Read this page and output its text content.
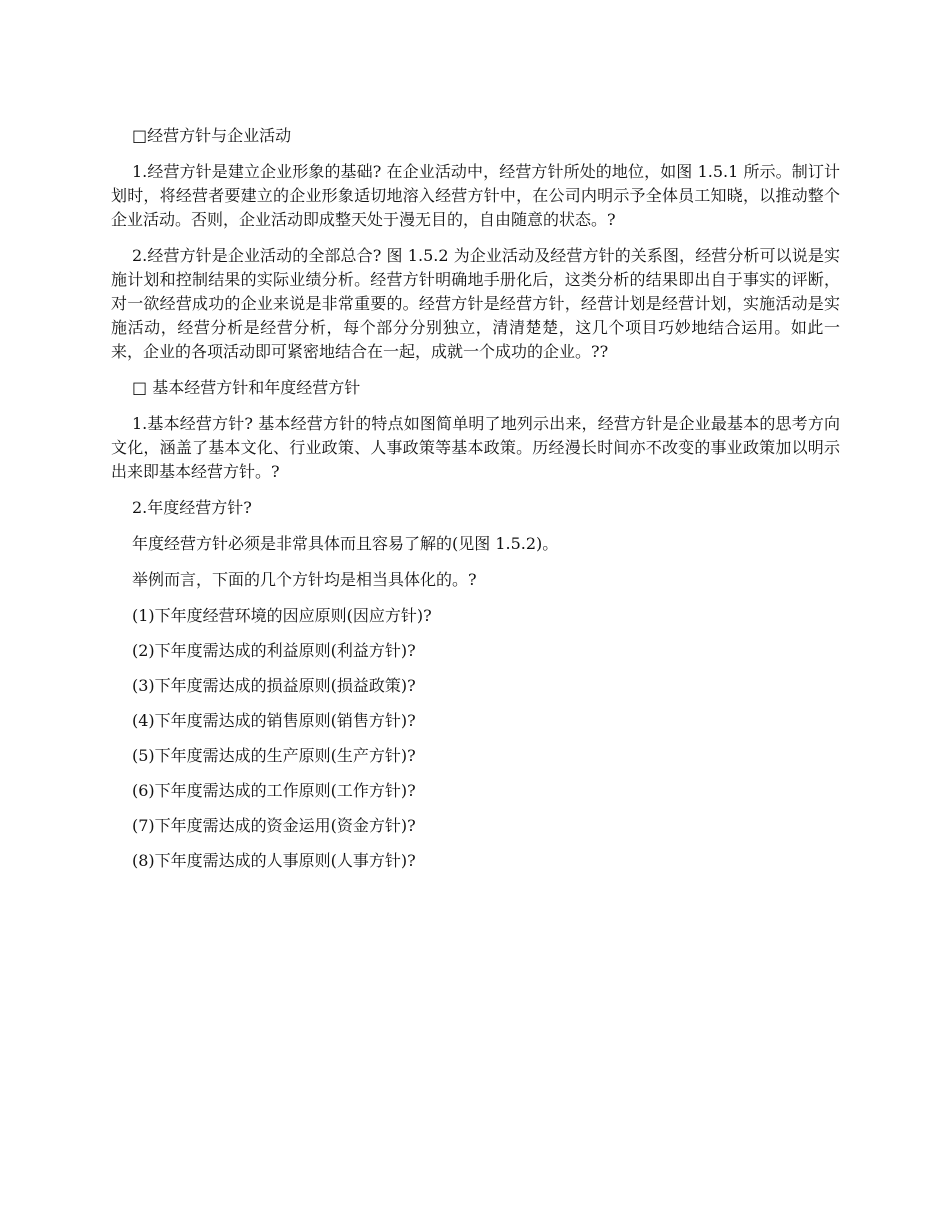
□经营方针与企业活动

1.经营方针是建立企业形象的基础? 在企业活动中，经营方针所处的地位，如图 1.5.1 所示。制订计划时，将经营者要建立的企业形象适切地溶入经营方针中，在公司内明示予全体员工知晓，以推动整个企业活动。否则，企业活动即成整天处于漫无目的，自由随意的状态。?

2.经营方针是企业活动的全部总合? 图 1.5.2 为企业活动及经营方针的关系图，经营分析可以说是实施计划和控制结果的实际业绩分析。经营方针明确地手册化后，这类分析的结果即出自于事实的评断，对一欲经营成功的企业来说是非常重要的。经营方针是经营方针，经营计划是经营计划，实施活动是实施活动，经营分析是经营分析，每个部分分别独立，清清楚楚，这几个项目巧妙地结合运用。如此一来，企业的各项活动即可紧密地结合在一起，成就一个成功的企业。??

□ 基本经营方针和年度经营方针

1.基本经营方针? 基本经营方针的特点如图简单明了地列示出来，经营方针是企业最基本的思考方向文化，涵盖了基本文化、行业政策、人事政策等基本政策。历经漫长时间亦不改变的事业政策加以明示出来即基本经营方针。?

2.年度经营方针?

年度经营方针必须是非常具体而且容易了解的(见图 1.5.2)。

举例而言，下面的几个方针均是相当具体化的。?

(1)下年度经营环境的因应原则(因应方针)?

(2)下年度需达成的利益原则(利益方针)?

(3)下年度需达成的损益原则(损益政策)?

(4)下年度需达成的销售原则(销售方针)?

(5)下年度需达成的生产原则(生产方针)?

(6)下年度需达成的工作原则(工作方针)?

(7)下年度需达成的资金运用(资金方针)?

(8)下年度需达成的人事原则(人事方针)?
